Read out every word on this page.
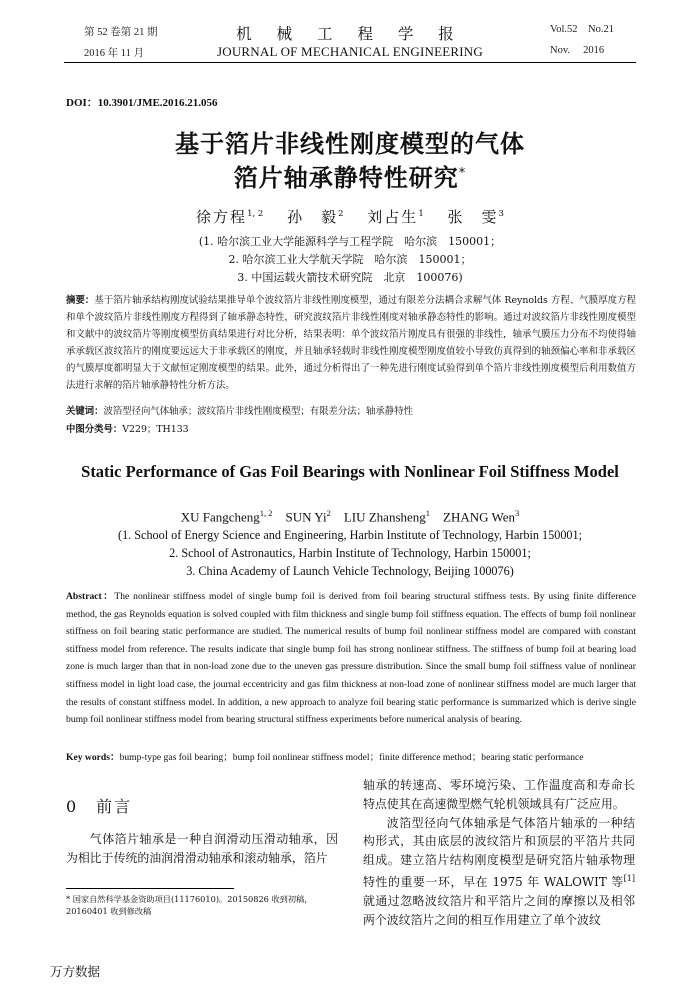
第 52 卷第 21 期
2016 年 11 月
机 械 工 程 学 报
JOURNAL OF MECHANICAL ENGINEERING
Vol.52    No.21
Nov.     2016
DOI：10.3901/JME.2016.21.056
基于箔片非线性刚度模型的气体
箔片轴承静特性研究*
徐方程$^{1, 2}$　 孙　毅$^2$　 刘占生$^1$　 张　雯$^3$
(1. 哈尔滨工业大学能源科学与工程学院　哈尔滨　150001；
2. 哈尔滨工业大学航天学院　哈尔滨　150001；
3. 中国运载火箭技术研究院　北京　100076)
摘要：基于箔片轴承结构刚度试验结果推导单个波纹箔片非线性刚度模型，通过有限差分法耦合求解气体 Reynolds 方程、气膜厚度方程和单个波纹箔片非线性刚度方程得到了轴承静态特性，研究波纹箔片非线性刚度对轴承静态特性的影响。通过对波纹箔片非线性刚度模型和文献中的波纹箔片等刚度模型仿真结果进行对比分析，结果表明：单个波纹箔片刚度具有很强的非线性，轴承气膜压力分布不均使得轴承承载区波纹箔片的刚度要远远大于非承载区的刚度，并且轴承轻载时非线性刚度模型刚度值较小导致仿真得到的轴颈偏心率和非承载区的气膜厚度都明显大于文献恒定刚度模型的结果。此外，通过分析得出了一种先进行刚度试验得到单个箔片非线性刚度模型后利用数值方法进行求解的箔片轴承静特性分析方法。
关键词：波箔型径向气体轴承；波纹箔片非线性刚度模型；有限差分法；轴承静特性
中图分类号：V229；TH133
Static Performance of Gas Foil Bearings with Nonlinear Foil Stiffness Model
XU Fangcheng$^{1, 2}$ SUN Yi$^2$ LIU Zhansheng$^1$ ZHANG Wen$^3$
(1. School of Energy Science and Engineering, Harbin Institute of Technology, Harbin 150001;
2. School of Astronautics, Harbin Institute of Technology, Harbin 150001;
3. China Academy of Launch Vehicle Technology, Beijing 100076)
Abstract：The nonlinear stiffness model of single bump foil is derived from foil bearing structural stiffness tests. By using finite difference method, the gas Reynolds equation is solved coupled with film thickness and single bump foil stiffness equation. The effects of bump foil nonlinear stiffness on foil bearing static performance are studied. The numerical results of bump foil nonlinear stiffness model are compared with constant stiffness model from reference. The results indicate that single bump foil has strong nonlinear stiffness. The stiffness of bump foil at bearing load zone is much larger than that in non-load zone due to the uneven gas pressure distribution. Since the small bump foil stiffness value of nonlinear stiffness model in light load case, the journal eccentricity and gas film thickness at non-load zone of nonlinear stiffness model are much larger that the results of constant stiffness model. In addition, a new approach to analyze foil bearing static performance is summarized which is derive single bump foil nonlinear stiffness model from bearing structural stiffness experiments before numerical analysis of bearing.
Key words：bump-type gas foil bearing；bump foil nonlinear stiffness model；finite difference method；bearing static performance
0　前言

气体箔片轴承是一种自润滑动压滑动轴承，因为相比于传统的油润滑滑动轴承和滚动轴承，箔片

轴承的转速高、零环境污染、工作温度高和寿命长特点使其在高速微型燃气轮机领域具有广泛应用。

波箔型径向气体轴承是气体箔片轴承的一种结构形式，其由底层的波纹箔片和顶层的平箔片共同组成。建立箔片结构刚度模型是研究箔片轴承物理特性的重要一环，早在 1975 年 WALOWIT 等[1]就通过忽略波纹箔片和平箔片之间的摩擦以及相邻两个波纹箔片之间的相互作用建立了单个波纹

* 国家自然科学基金资助项目(11176010)。20150826 收到初稿，20160401 收到修改稿
万方数据
